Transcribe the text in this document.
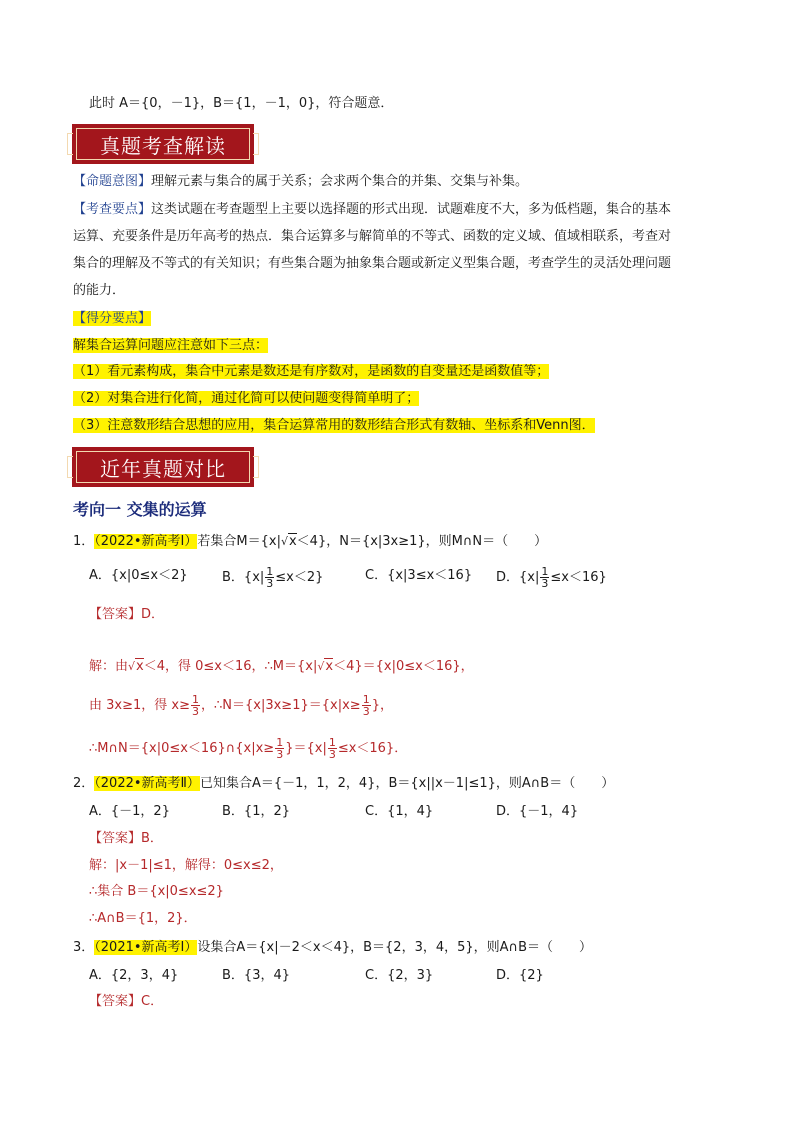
此时 A＝{0，－1}，B＝{1，－1，0}，符合题意．
真题考查解读
【命题意图】理解元素与集合的属于关系；会求两个集合的并集、交集与补集。
【考查要点】这类试题在考查题型上主要以选择题的形式出现．试题难度不大，多为低档题，集合的基本
运算、充要条件是历年高考的热点．集合运算多与解简单的不等式、函数的定义域、值域相联系，考查对
集合的理解及不等式的有关知识；有些集合题为抽象集合题或新定义型集合题，考查学生的灵活处理问题
的能力．
【得分要点】
解集合运算问题应注意如下三点：
（1）看元素构成，集合中元素是数还是有序数对，是函数的自变量还是函数值等；
（2）对集合进行化简，通过化简可以使问题变得简单明了；
（3）注意数形结合思想的应用，集合运算常用的数形结合形式有数轴、坐标系和Venn图．
近年真题对比
考向一 交集的运算
1．（2022•新高考Ⅰ）若集合M＝{x|√x＜4}，N＝{x|3x≥1}，则M∩N＝（　　）
A．{x|0≤x＜2}	B．$\{x| \frac{1}{3} \le x<2\}$	C．{x|3≤x＜16} D．$\{x| \frac{1}{3} \le x<16\}$
【答案】D．
解：由√x＜4，得 0≤x＜16，∴M＝{x|√x＜4}＝{x|0≤x＜16}，
由 3x≥1，得 $x\ge \frac{1}{3}$ ，∴N＝{x|3x≥1}＝{x|x≥ $\frac{1}{3}$ }，
∴M∩N＝{x|0≤x＜16}∩{x|x≥ $\frac{1}{3} \}=\{x| \frac{1}{3} \le x<16\}$．
2．（2022•新高考Ⅱ）已知集合A＝{－1，1，2，4}，B＝{x||x－1|≤1}，则A∩B＝（　　）
A．{－1，2}	B．{1，2}	C．{1，4}	D．{－1，4}
【答案】B．
解：|x－1|≤1，解得：0≤x≤2，
∴集合 B＝{x|0≤x≤2}
∴A∩B＝{1，2}．
3．（2021•新高考Ⅰ）设集合A＝{x|－2＜x＜4}，B＝{2，3，4，5}，则A∩B＝（　　）
A．{2，3，4}	B．{3，4}	C．{2，3}	D．{2}
【答案】C．
